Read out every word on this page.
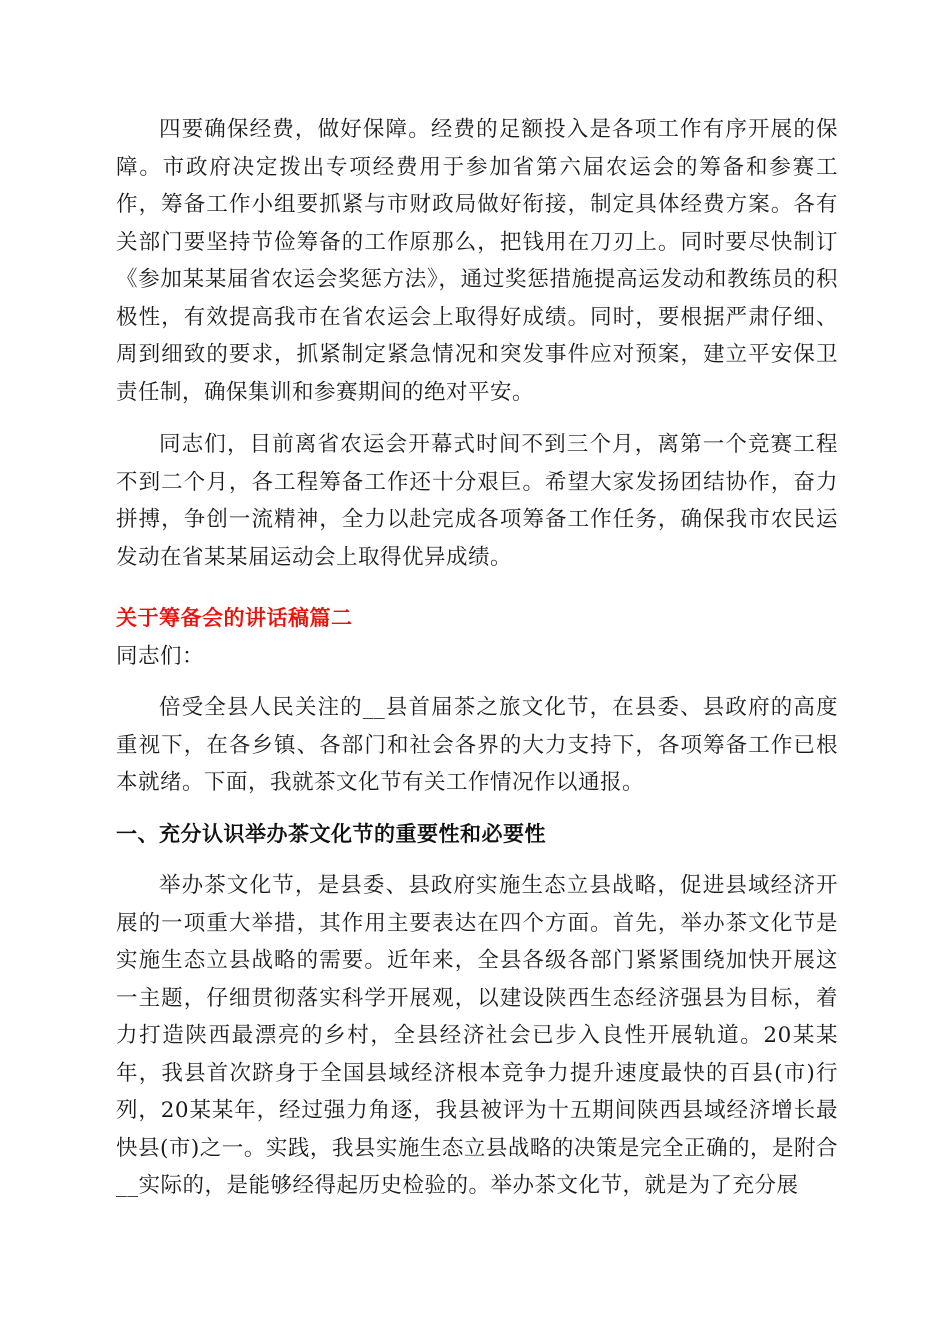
四要确保经费，做好保障。经费的足额投入是各项工作有序开展的保障。市政府决定拨出专项经费用于参加省第六届农运会的筹备和参赛工作，筹备工作小组要抓紧与市财政局做好衔接，制定具体经费方案。各有关部门要坚持节俭筹备的工作原那么，把钱用在刀刃上。同时要尽快制订《参加某某届省农运会奖惩方法》，通过奖惩措施提高运发动和教练员的积极性，有效提高我市在省农运会上取得好成绩。同时，要根据严肃仔细、周到细致的要求，抓紧制定紧急情况和突发事件应对预案，建立平安保卫责任制，确保集训和参赛期间的绝对平安。

同志们，目前离省农运会开幕式时间不到三个月，离第一个竞赛工程不到二个月，各工程筹备工作还十分艰巨。希望大家发扬团结协作，奋力拼搏，争创一流精神，全力以赴完成各项筹备工作任务，确保我市农民运发动在省某某届运动会上取得优异成绩。

关于筹备会的讲话稿篇二

同志们：

倍受全县人民关注的__县首届茶之旅文化节，在县委、县政府的高度重视下，在各乡镇、各部门和社会各界的大力支持下，各项筹备工作已根本就绪。下面，我就茶文化节有关工作情况作以通报。

一、充分认识举办茶文化节的重要性和必要性

举办茶文化节，是县委、县政府实施生态立县战略，促进县域经济开展的一项重大举措，其作用主要表达在四个方面。首先，举办茶文化节是实施生态立县战略的需要。近年来，全县各级各部门紧紧围绕加快开展这一主题，仔细贯彻落实科学开展观，以建设陕西生态经济强县为目标，着力打造陕西最漂亮的乡村，全县经济社会已步入良性开展轨道。20某某年，我县首次跻身于全国县域经济根本竞争力提升速度最快的百县(市)行列，20某某年，经过强力角逐，我县被评为十五期间陕西县域经济增长最快县(市)之一。实践，我县实施生态立县战略的决策是完全正确的，是附合__实际的，是能够经得起历史检验的。举办茶文化节，就是为了充分展
